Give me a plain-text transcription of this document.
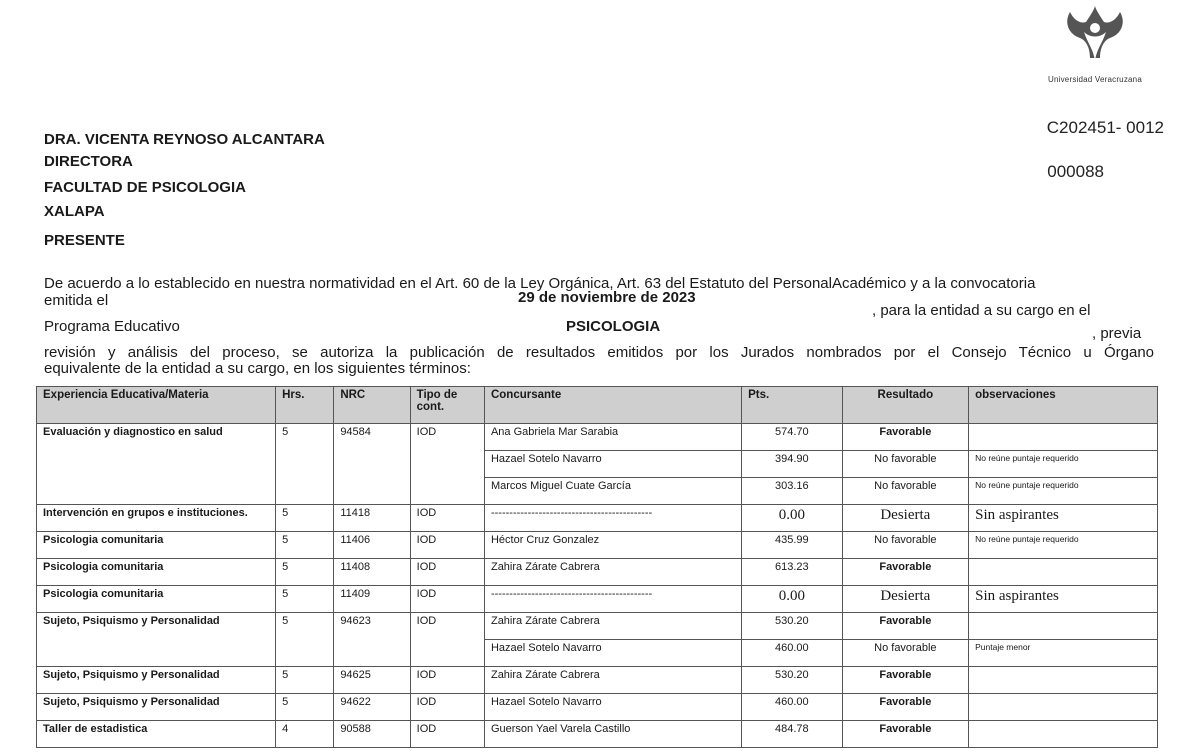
Universidad Veracruzana
C202451- 0012
000088
DRA. VICENTA REYNOSO ALCANTARA
DIRECTORA
FACULTAD DE PSICOLOGIA
XALAPA
PRESENTE
De acuerdo a lo establecido en nuestra normatividad en el Art. 60 de la Ley Orgánica, Art. 63 del Estatuto del PersonalAcadémico y a la convocatoria
emitida el	29 de noviembre de 2023
, para la entidad a su cargo en el
Programa Educativo	PSICOLOGIA	, previa
revisión y análisis del proceso, se autoriza la publicación de resultados emitidos por los Jurados nombrados por el Consejo Técnico u Órgano
equivalente de la entidad a su cargo, en los siguientes términos:
Experiencia Educativa/Materia	Hrs.	NRC	Tipo de cont.	Concursante	Pts.	Resultado	observaciones
Evaluación y diagnostico en salud	5	94584	IOD	Ana Gabriela Mar Sarabia	574.70	Favorable	
				Hazael Sotelo Navarro	394.90	No favorable	No reúne puntaje requerido
				Marcos Miguel Cuate García	303.16	No favorable	No reúne puntaje requerido
Intervención en grupos e instituciones.	5	11418	IOD	--------------------------------------------	0.00	Desierta	Sin aspirantes
Psicologia comunitaria	5	11406	IOD	Héctor Cruz Gonzalez	435.99	No favorable	No reúne puntaje requerido
Psicologia comunitaria	5	11408	IOD	Zahira Zárate Cabrera	613.23	Favorable	
Psicologia comunitaria	5	11409	IOD	--------------------------------------------	0.00	Desierta	Sin aspirantes
Sujeto, Psiquismo y Personalidad	5	94623	IOD	Zahira Zárate Cabrera	530.20	Favorable	
				Hazael Sotelo Navarro	460.00	No favorable	Puntaje menor
Sujeto, Psiquismo y Personalidad	5	94625	IOD	Zahira Zárate Cabrera	530.20	Favorable	
Sujeto, Psiquismo y Personalidad	5	94622	IOD	Hazael Sotelo Navarro	460.00	Favorable	
Taller de estadistica	4	90588	IOD	Guerson Yael Varela Castillo	484.78	Favorable	
